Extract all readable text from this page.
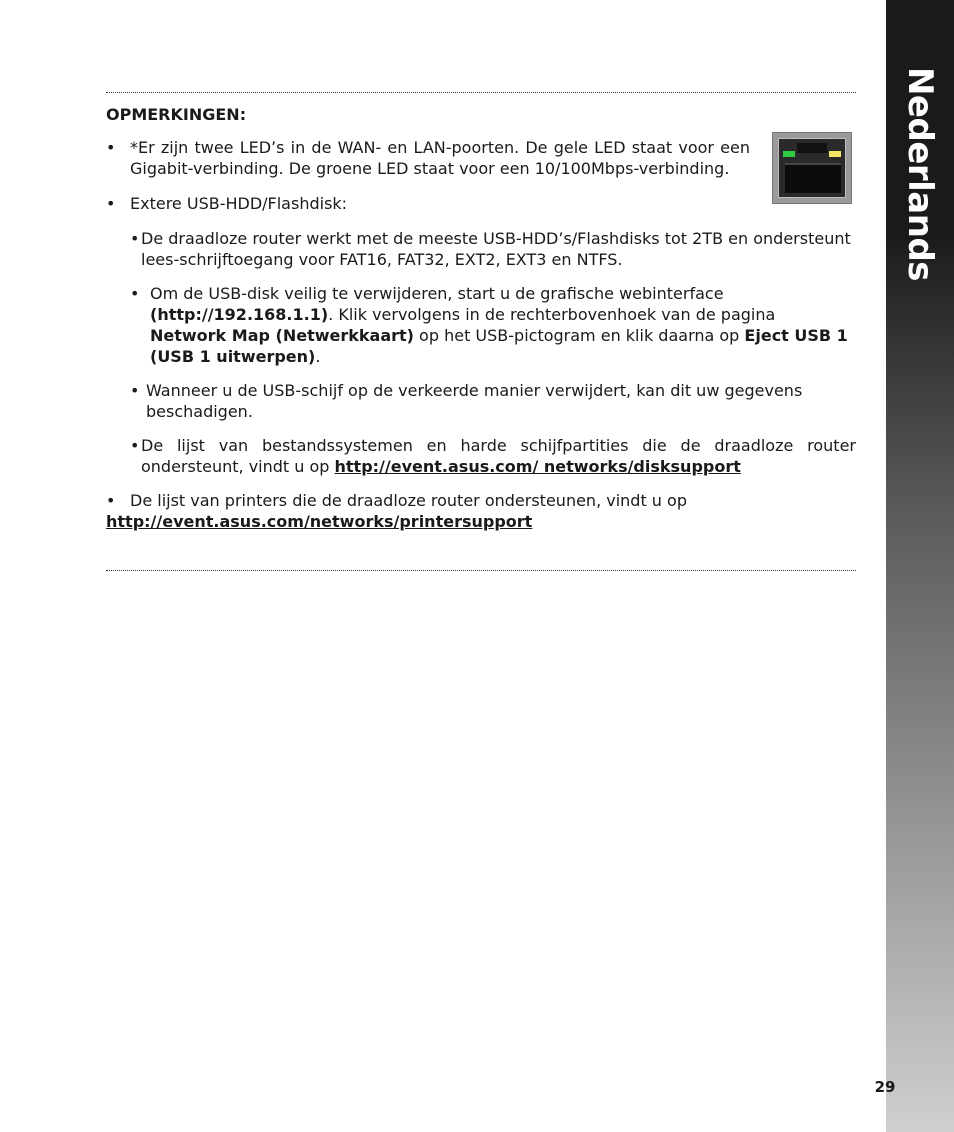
Nederlands
OPMERKINGEN:
• *Er zijn twee LED’s in de WAN- en LAN-poorten. De gele LED staat voor een Gigabit-verbinding. De groene LED staat voor een 10/100Mbps-verbinding.
• Extere USB-HDD/Flashdisk:
• De draadloze router werkt met de meeste USB-HDD’s/Flashdisks tot 2TB en ondersteunt lees-schrijftoegang voor FAT16, FAT32, EXT2, EXT3 en NTFS.
• Om de USB-disk veilig te verwijderen, start u de grafische webinterface (http://192.168.1.1). Klik vervolgens in de rechterbovenhoek van de pagina Network Map (Netwerkkaart) op het USB-pictogram en klik daarna op Eject USB 1 (USB 1 uitwerpen).
• Wanneer u de USB-schijf op de verkeerde manier verwijdert, kan dit uw gegevens beschadigen.
• De lijst van bestandssystemen en harde schijfpartities die de draadloze router ondersteunt, vindt u op http://event.asus.com/ networks/disksupport
• De lijst van printers die de draadloze router ondersteunen, vindt u op
http://event.asus.com/networks/printersupport
29
